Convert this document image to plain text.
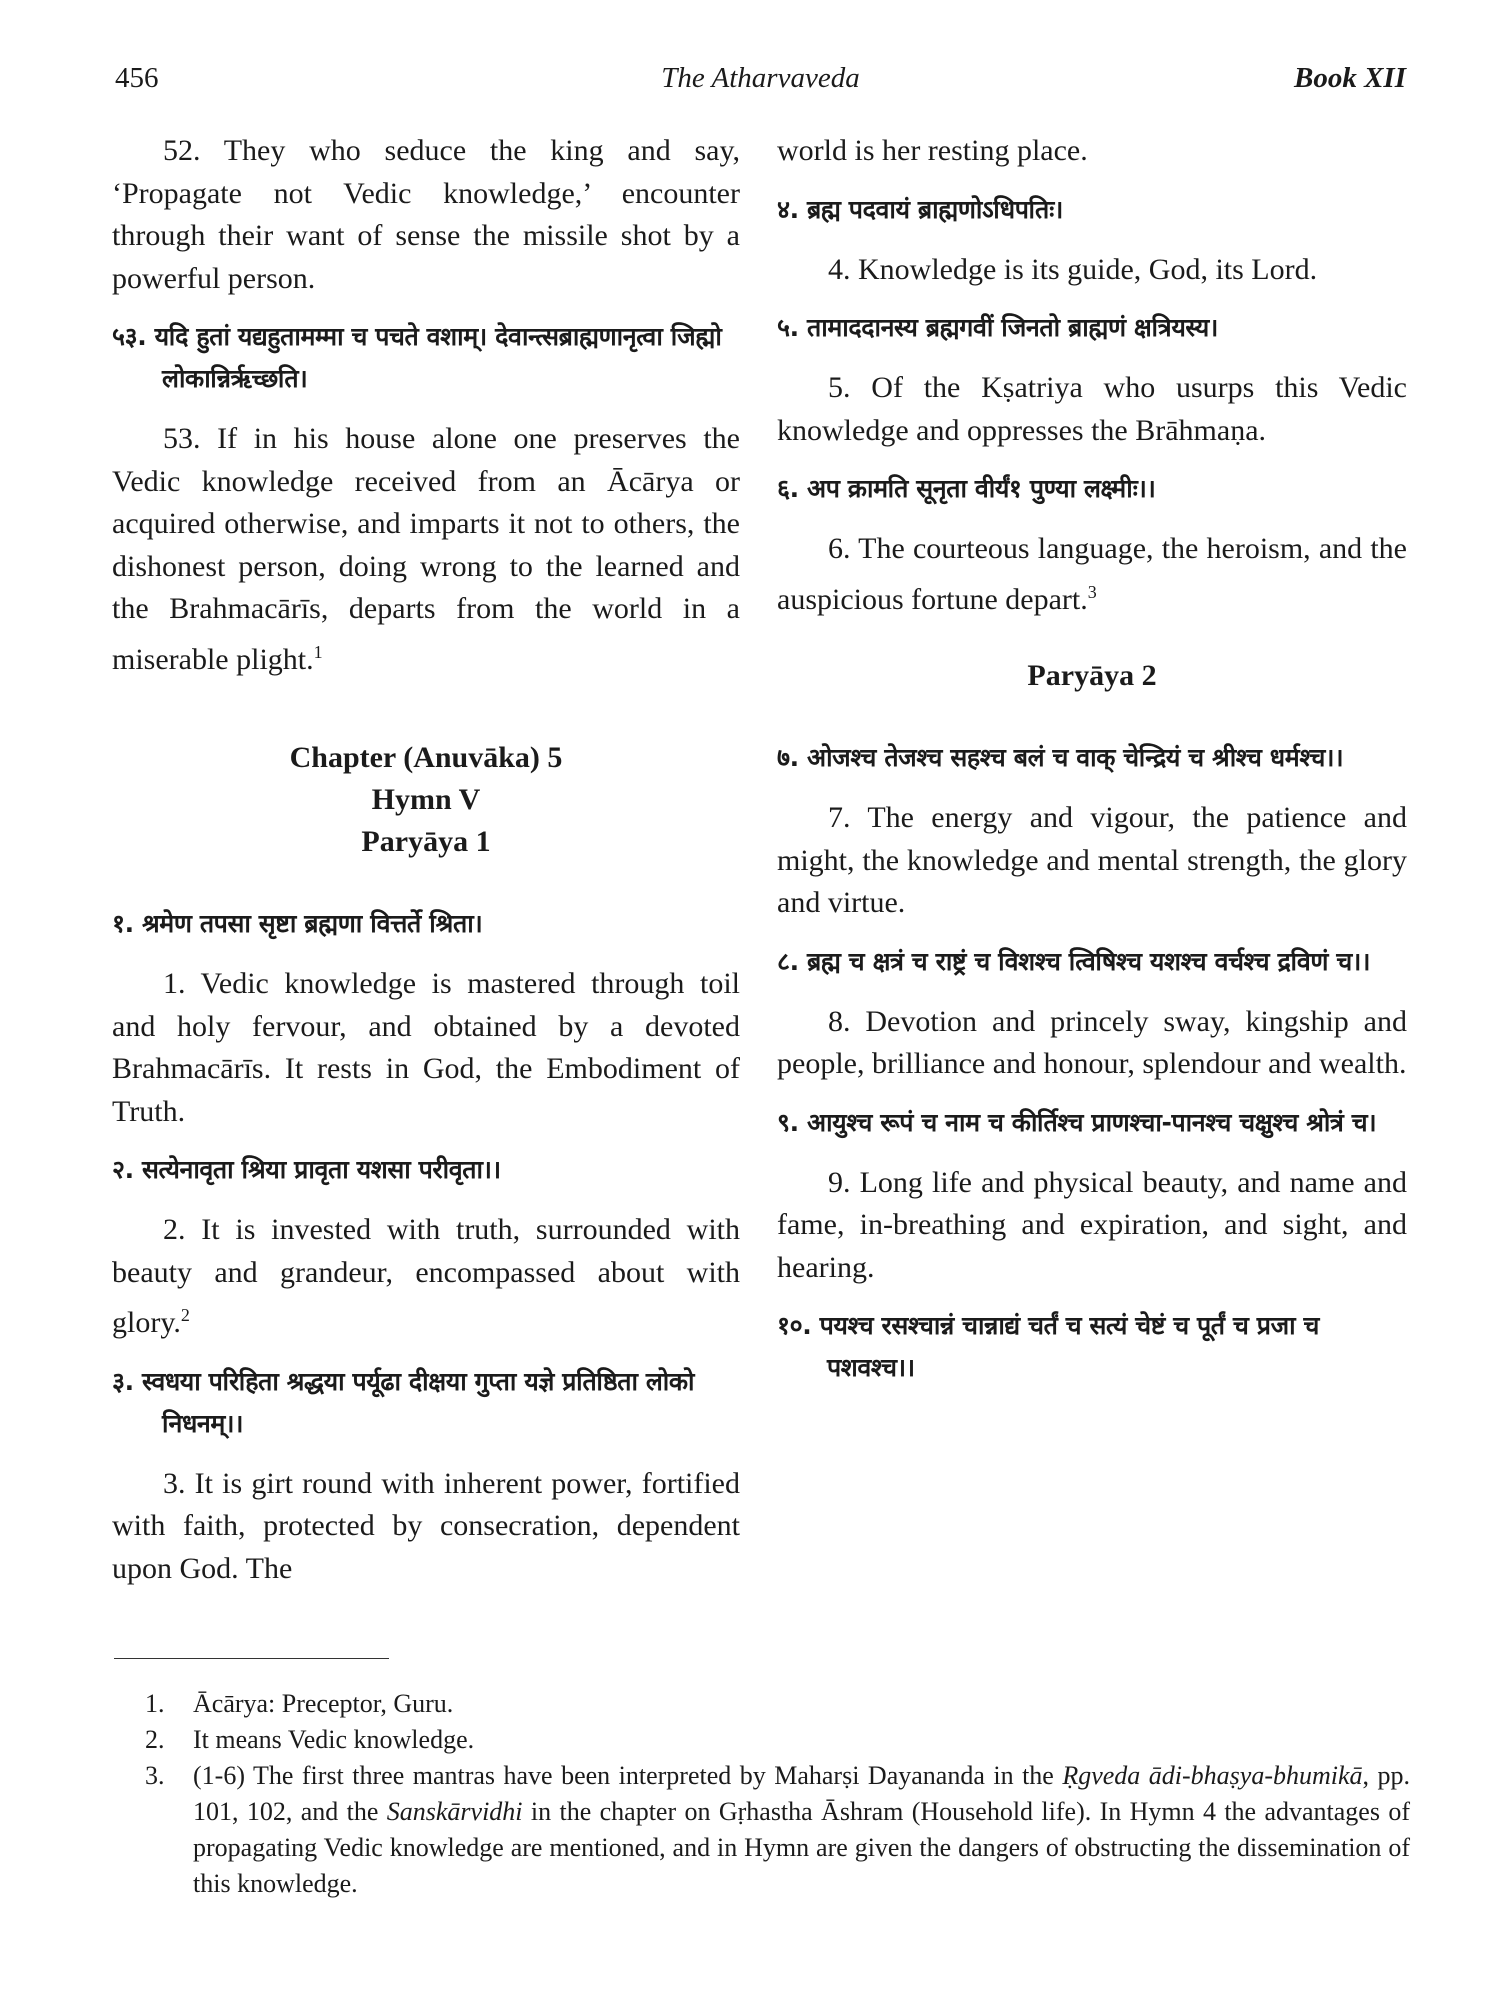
456	The Atharvaveda	Book XII

52. They who seduce the king and say, ‘Propagate not Vedic knowledge,’ encounter through their want of sense the missile shot by a powerful person.

५३. यदि हुतां यद्यहुतामम्मा च पचते वशाम्। देवान्त्सब्राह्मणानृत्वा जिह्मो लोकान्निर्ऋच्छति।

53. If in his house alone one preserves the Vedic knowledge received from an Ācārya or acquired otherwise, and imparts it not to others, the dishonest person, doing wrong to the learned and the Brahmacārīs, departs from the world in a miserable plight.$^1$

Chapter (Anuvāka) 5

Hymn V

Paryāya 1

१. श्रमेण तपसा सृष्टा ब्रह्मणा वित्तर्ते श्रिता।

1. Vedic knowledge is mastered through toil and holy fervour, and obtained by a devoted Brahmacārīs. It rests in God, the Embodiment of Truth.

२. सत्येनावृता श्रिया प्रावृता यशसा परीवृता।।

2. It is invested with truth, surrounded with beauty and grandeur, encompassed about with glory.$^2$

३. स्वधया परिहिता श्रद्धया पर्यूढा दीक्षया गुप्ता यज्ञे प्रतिष्ठिता लोको निधनम्।।

3. It is girt round with inherent power, fortified with faith, protected by consecration, dependent upon God. The

world is her resting place.

४. ब्रह्म पदवायं ब्राह्मणोऽधिपतिः।

4. Knowledge is its guide, God, its Lord.

५. तामाददानस्य ब्रह्मगवीं जिनतो ब्राह्मणं क्षत्रियस्य।

5. Of the Kṣatriya who usurps this Vedic knowledge and oppresses the Brāhmaṇa.

६. अप क्रामति सूनृता वीर्यं१ पुण्या लक्ष्मीः।।

6. The courteous language, the heroism, and the auspicious fortune depart.$^3$

Paryāya 2

७. ओजश्च तेजश्च सहश्च बलं च वाक् चेन्द्रियं च श्रीश्च धर्मश्च।।

7. The energy and vigour, the patience and might, the knowledge and mental strength, the glory and virtue.

८. ब्रह्म च क्षत्रं च राष्ट्रं च विशश्च त्विषिश्च यशश्च वर्चश्च द्रविणं च।।

8. Devotion and princely sway, kingship and people, brilliance and honour, splendour and wealth.

९. आयुश्च रूपं च नाम च कीर्तिश्च प्राणश्चा-पानश्च चक्षुश्च श्रोत्रं च।

9. Long life and physical beauty, and name and fame, in-breathing and expiration, and sight, and hearing.

१०. पयश्च रसश्चान्नं चान्नाद्यं चर्तं च सत्यं चेष्टं च पूर्तं च प्रजा च पशवश्च।।

1. Ācārya: Preceptor, Guru.

2. It means Vedic knowledge.

3. (1-6) The first three mantras have been interpreted by Maharṣi Dayananda in the Ṛgveda ādi-bhaṣya-bhumikā, pp. 101, 102, and the Sanskārvidhi in the chapter on Gṛhastha Āshram (Household life). In Hymn 4 the advantages of propagating Vedic knowledge are mentioned, and in Hymn are given the dangers of obstructing the dissemination of this knowledge.
